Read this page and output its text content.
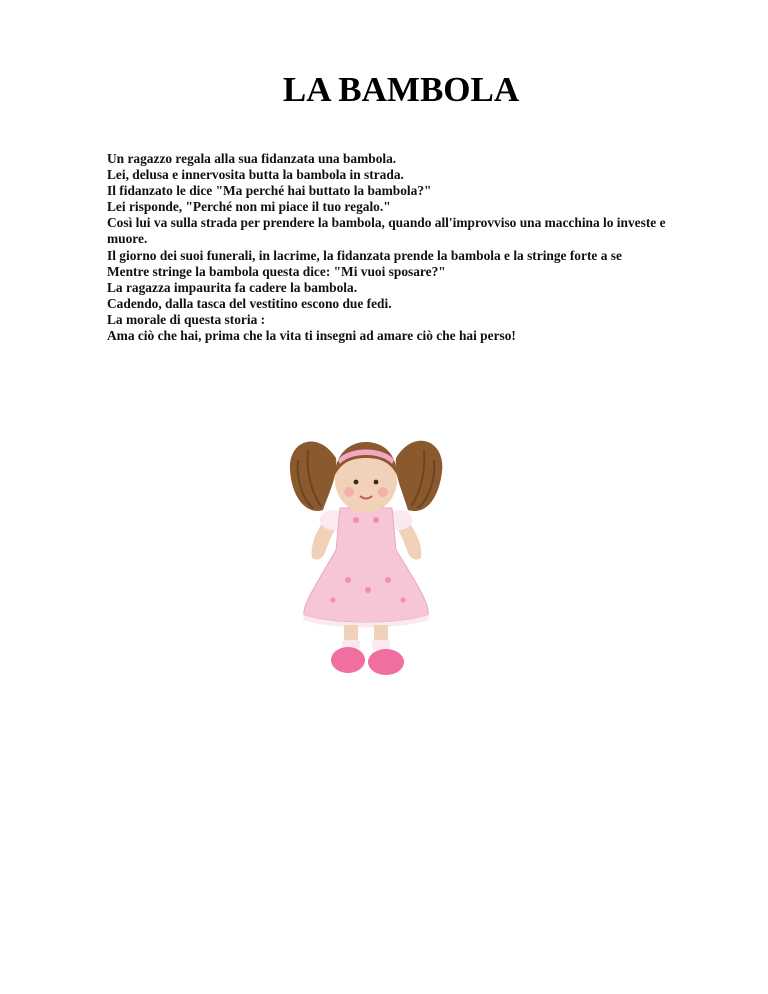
LA BAMBOLA

Un ragazzo regala alla sua fidanzata una bambola.

Lei, delusa e innervosita butta la bambola in strada.

Il fidanzato le dice "Ma perché hai buttato la bambola?"

Lei risponde, "Perché non mi piace il tuo regalo."

Così lui va sulla strada per prendere la bambola, quando all'improvviso una macchina lo investe e muore.

Il giorno dei suoi funerali, in lacrime, la fidanzata prende la bambola e la stringe forte a se

Mentre stringe la bambola questa dice: "Mi vuoi sposare?"

La ragazza impaurita fa cadere la bambola.

Cadendo, dalla tasca del vestitino escono due fedi.

La morale di questa storia :

Ama ciò che hai, prima che la vita ti insegni ad amare ciò che hai perso!
